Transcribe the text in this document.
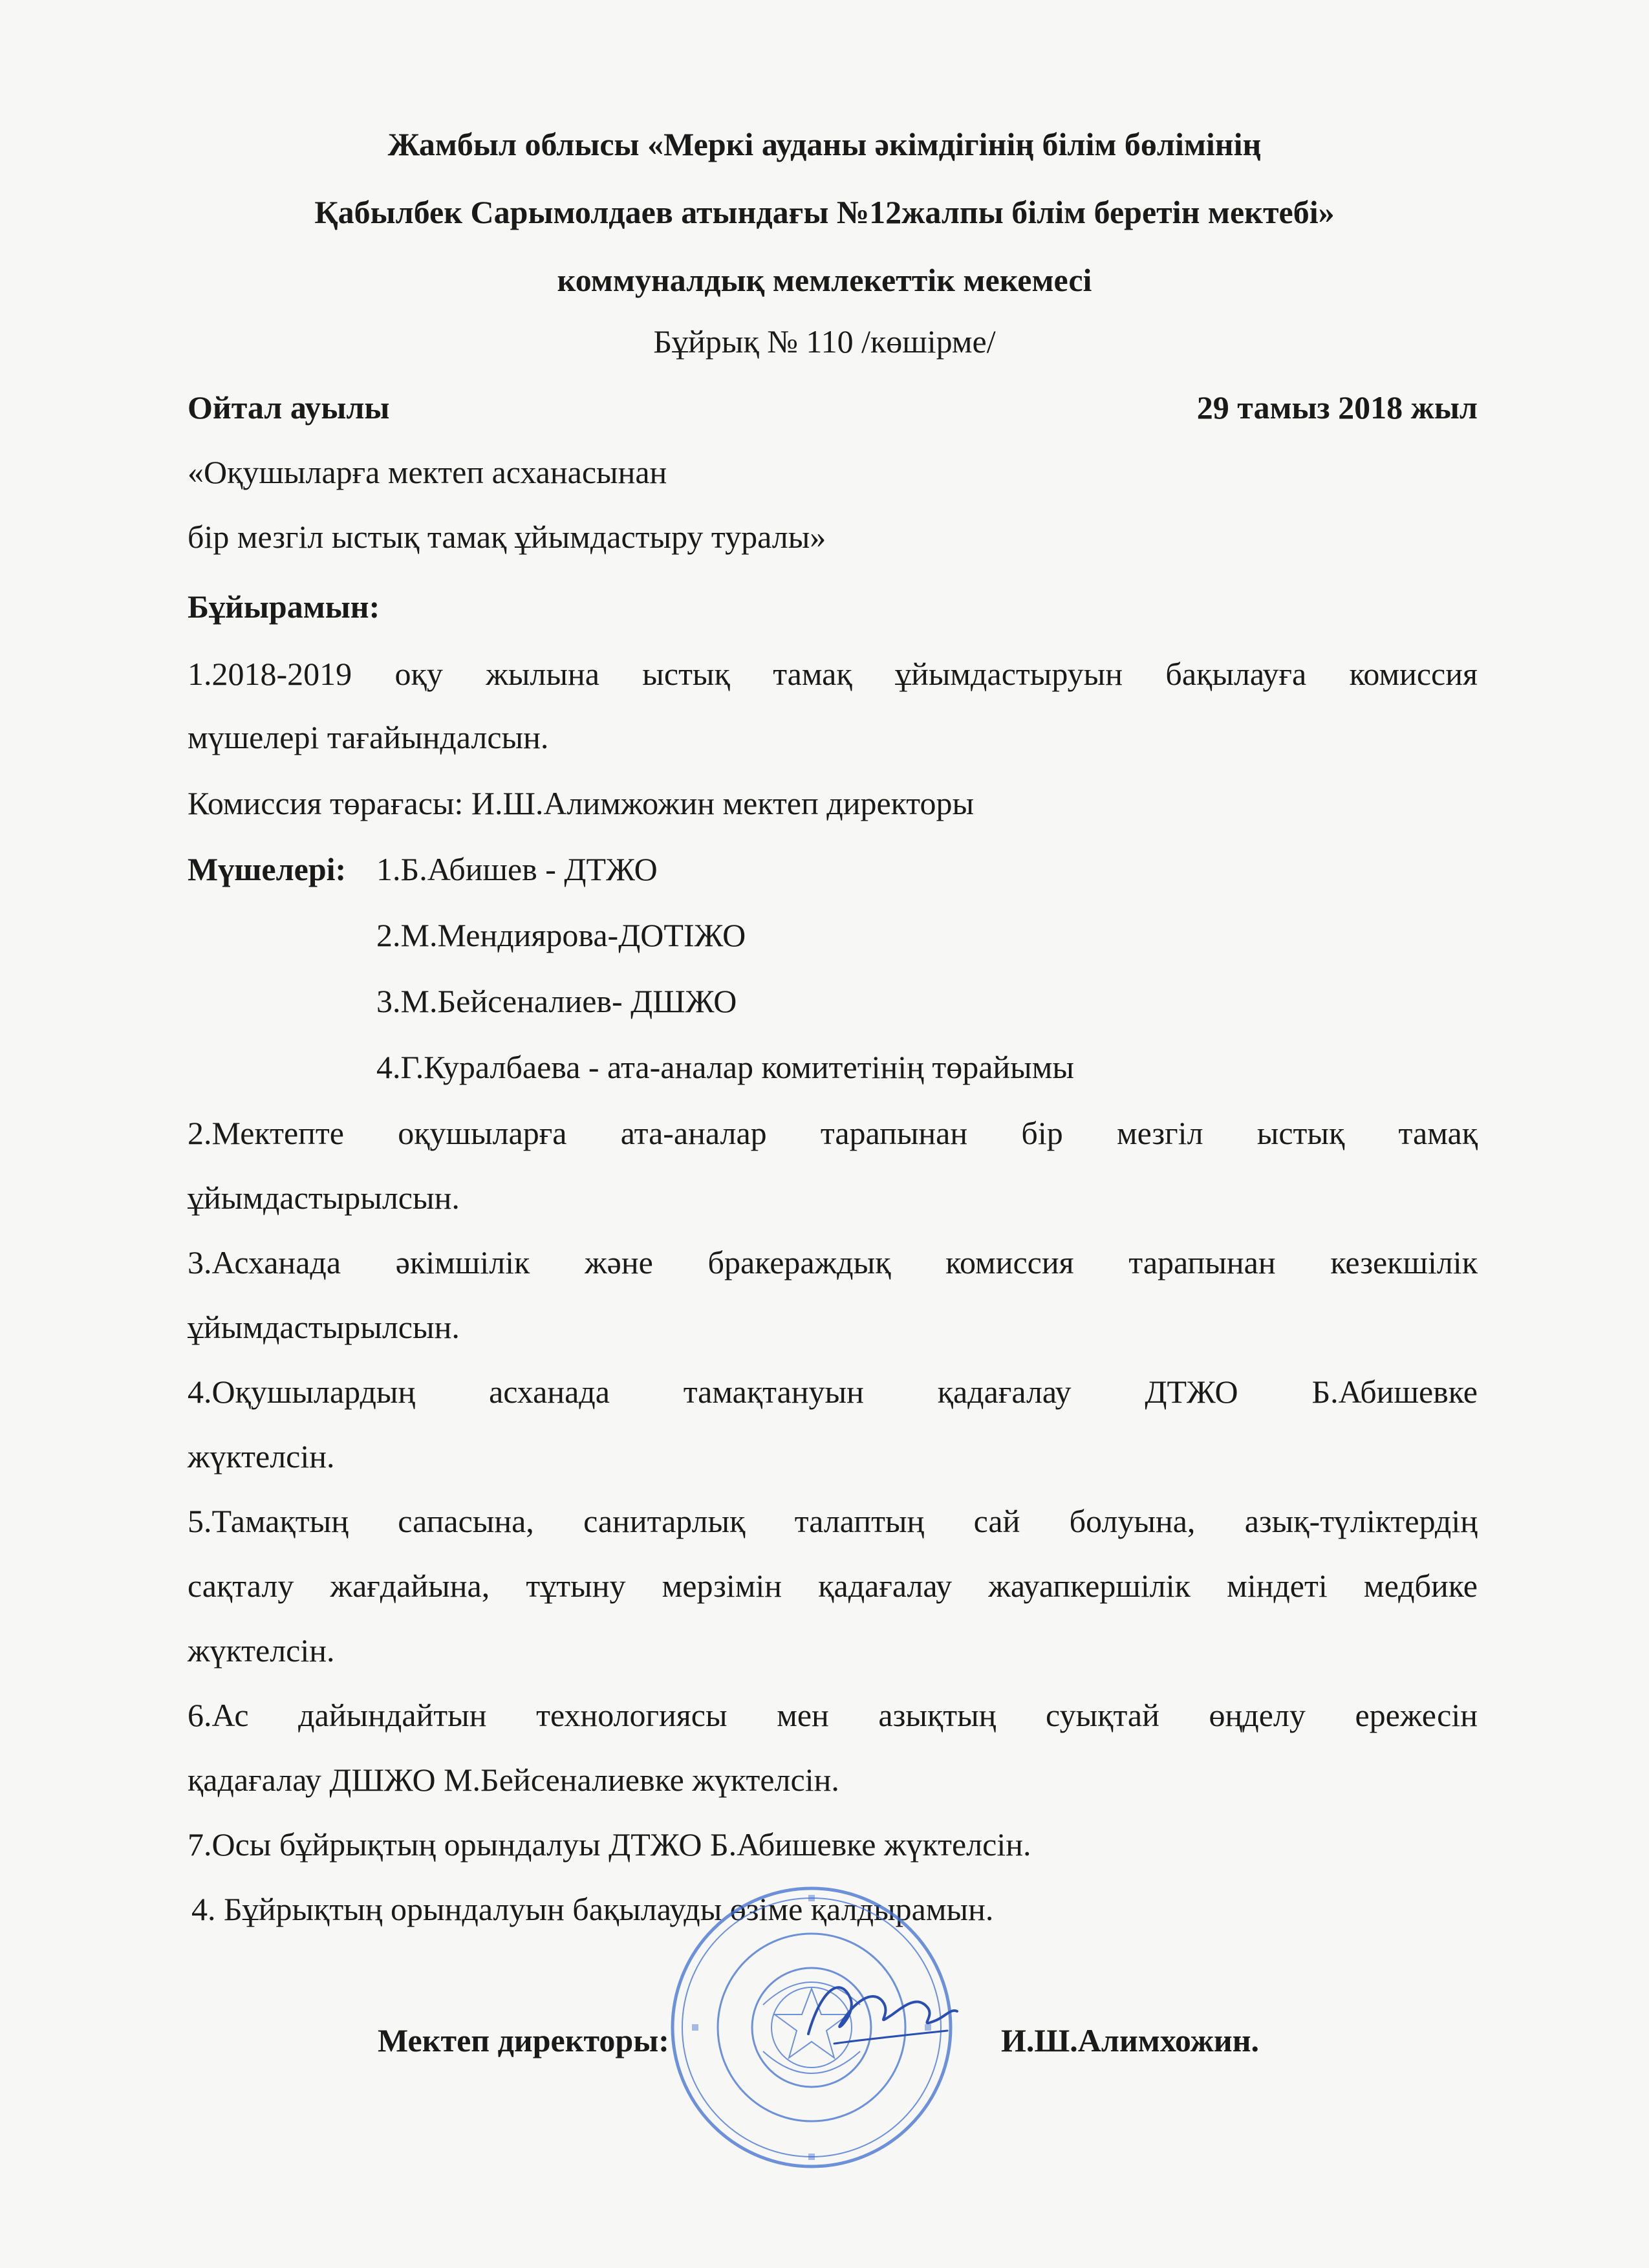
Жамбыл облысы «Меркі ауданы әкімдігінің білім бөлімінің
Қабылбек Сарымолдаев атындағы №12жалпы білім беретін мектебі»
коммуналдық мемлекеттік мекемесі
Бұйрық № 110 /көшірме/
Ойтал ауылы	29 тамыз 2018 жыл
«Оқушыларға мектеп асханасынан
бір мезгіл ыстық тамақ ұйымдастыру туралы»
Бұйырамын:
1.2018-2019 оқу жылына ыстық тамақ ұйымдастыруын бақылауға комиссия
мүшелері тағайындалсын.
Комиссия төрағасы: И.Ш.Алимжожин мектеп директоры
Мүшелері: 1.Б.Абишев - ДТЖО
2.М.Мендиярова-ДОТІЖО
3.М.Бейсеналиев- ДШЖО
4.Г.Куралбаева - ата-аналар комитетінің төрайымы
2.Мектепте оқушыларға ата-аналар тарапынан бір мезгіл ыстық тамақ
ұйымдастырылсын.
3.Асханада әкімшілік және бракераждық комиссия тарапынан кезекшілік
ұйымдастырылсын.
4.Оқушылардың асханада тамақтануын қадағалау ДТЖО Б.Абишевке
жүктелсін.
5.Тамақтың сапасына, санитарлық талаптың сай болуына, азық-түліктердің
сақталу жағдайына, тұтыну мерзімін қадағалау жауапкершілік міндеті медбике
жүктелсін.
6.Ас дайындайтын технологиясы мен азықтың суықтай өңделу ережесін
қадағалау ДШЖО М.Бейсеналиевке жүктелсін.
7.Осы бұйрықтың орындалуы ДТЖО Б.Абишевке жүктелсін.
4. Бұйрықтың орындалуын бақылауды өзіме қалдырамын.
Мектеп директоры:	И.Ш.Алимхожин.
